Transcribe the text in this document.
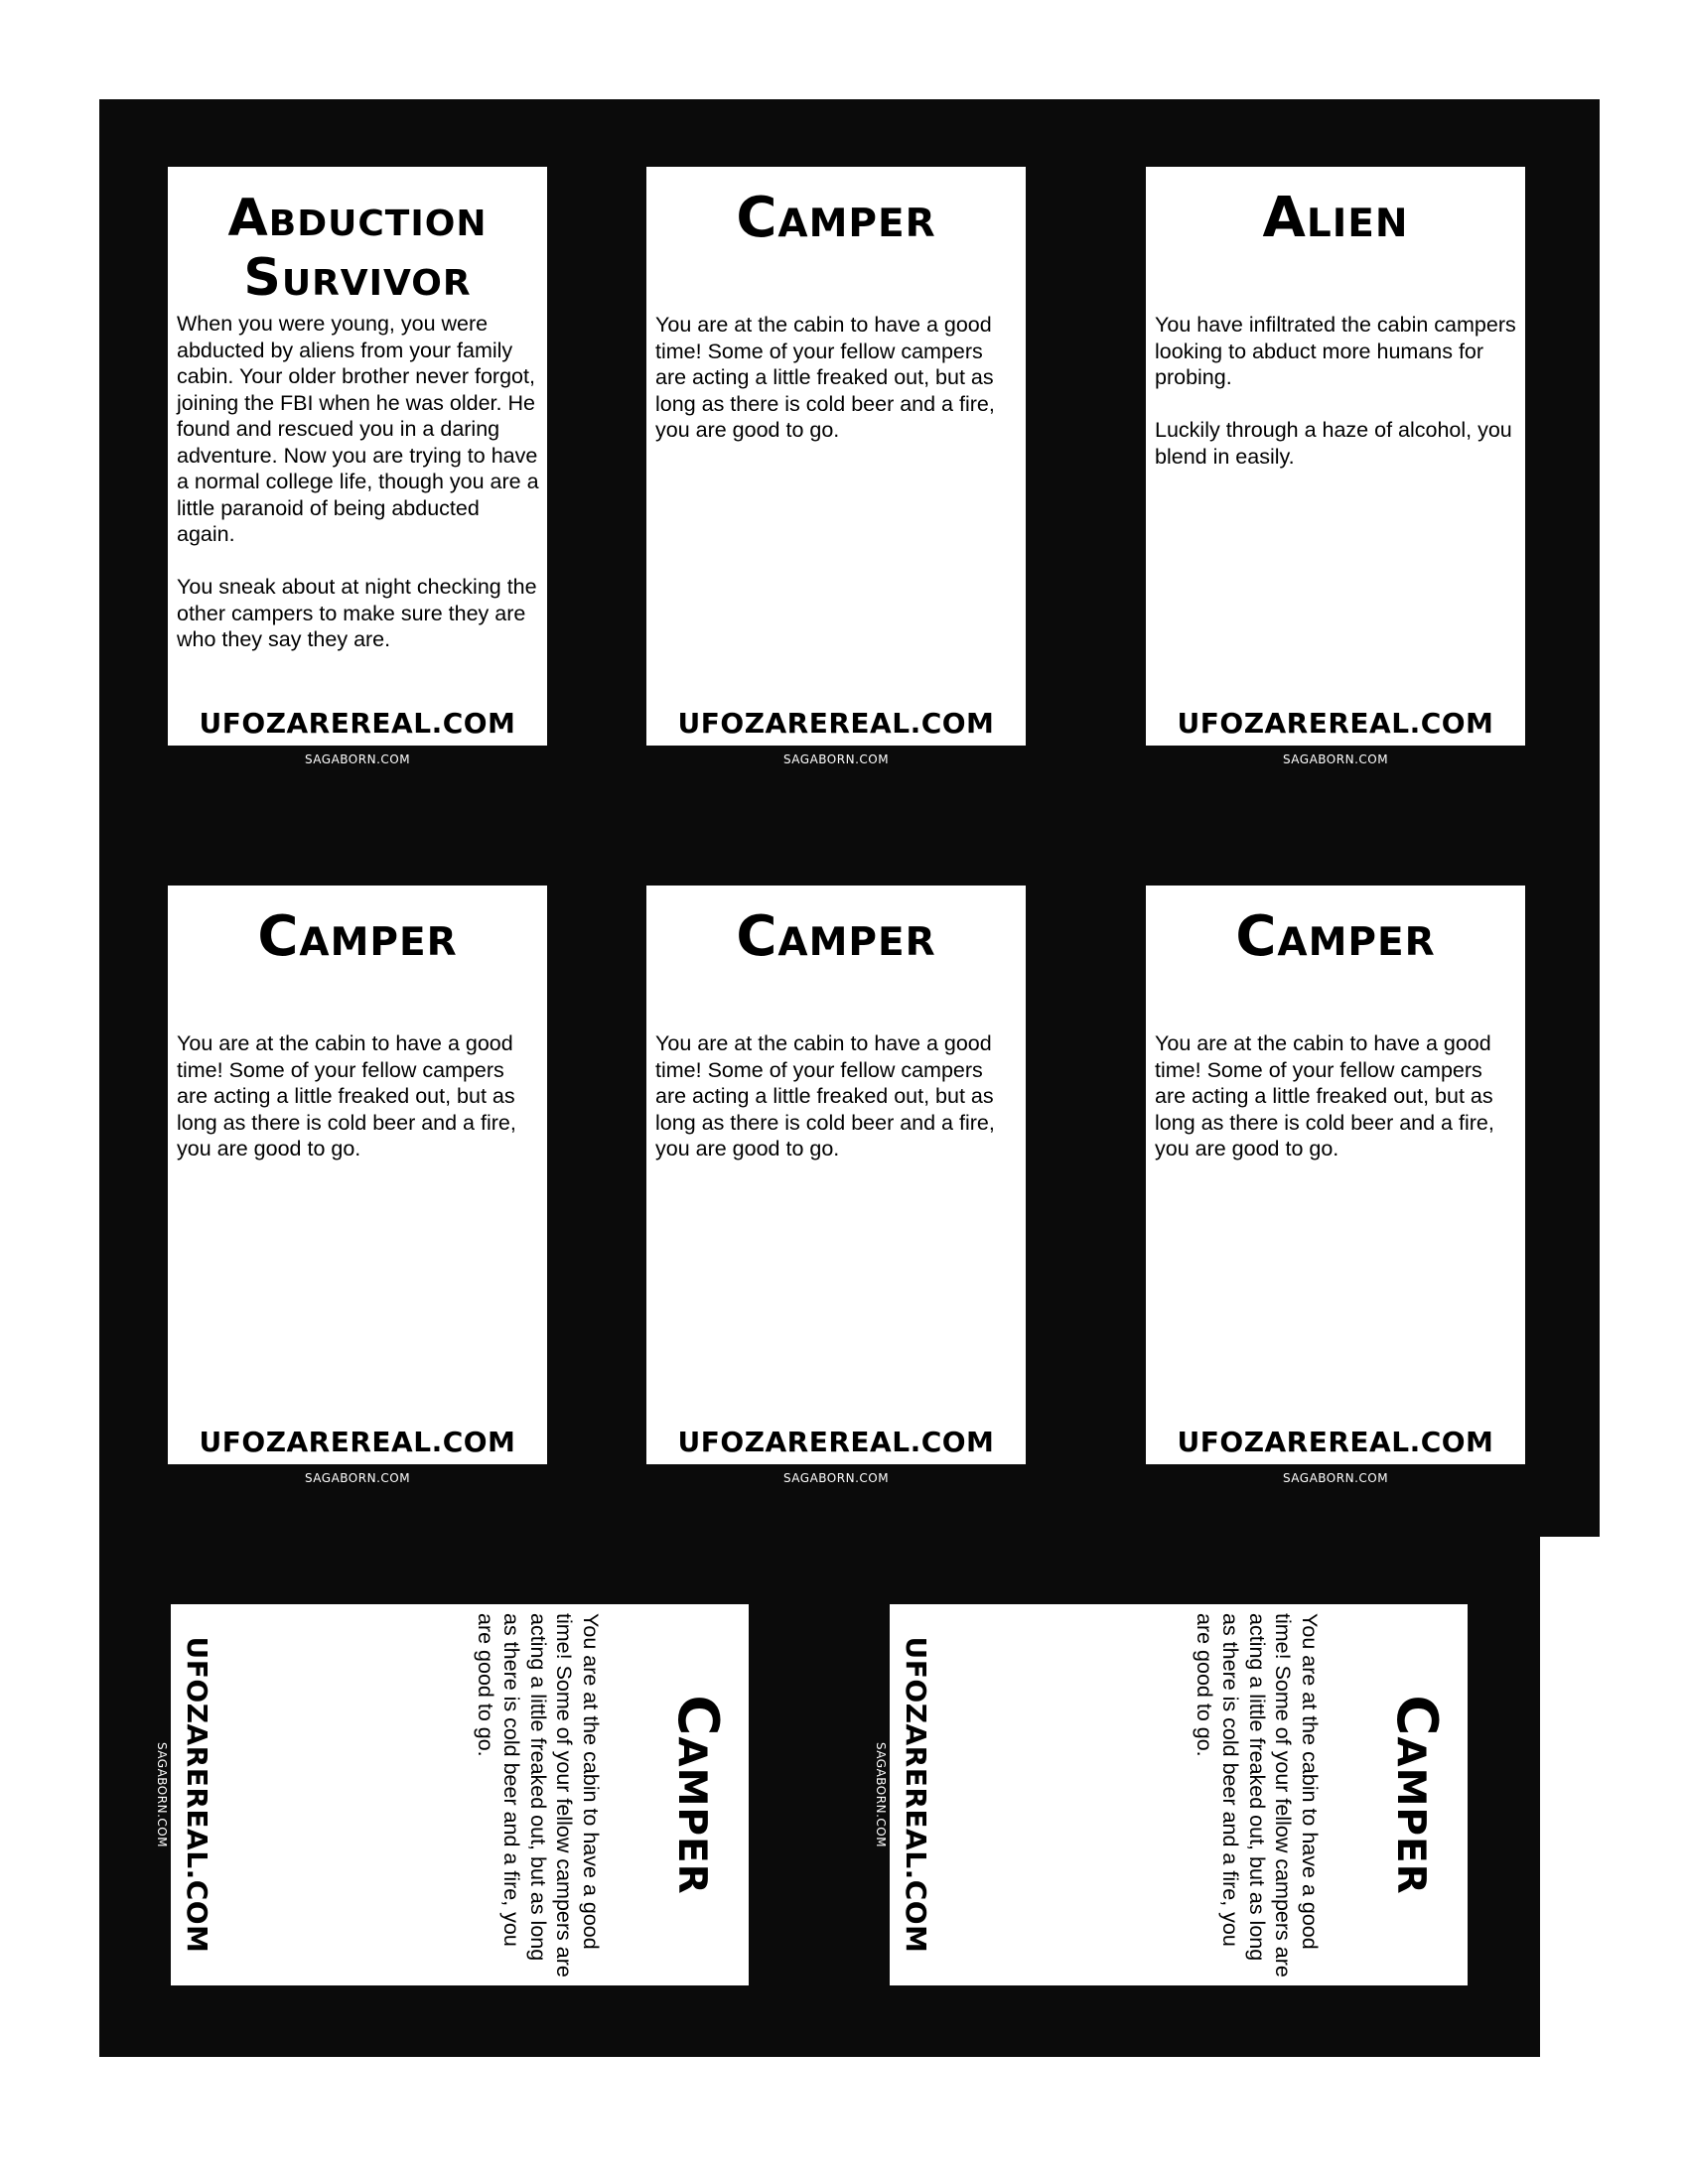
Abduction
Survivor
When you were young, you were abducted by aliens from your family cabin. Your older brother never forgot, joining the FBI when he was older. He found and rescued you in a daring adventure. Now you are trying to have a normal college life, though you are a little paranoid of being abducted again.

You sneak about at night checking the other campers to make sure they are who they say they are.
UFOZAREREAL.COM
SAGABORN.COM
Camper
You are at the cabin to have a good time! Some of your fellow campers are acting a little freaked out, but as long as there is cold beer and a fire, you are good to go.
UFOZAREREAL.COM
SAGABORN.COM
Alien
You have infiltrated the cabin campers looking to abduct more humans for probing.

Luckily through a haze of alcohol, you blend in easily.
UFOZAREREAL.COM
SAGABORN.COM
Camper
You are at the cabin to have a good time! Some of your fellow campers are acting a little freaked out, but as long as there is cold beer and a fire, you are good to go.
UFOZAREREAL.COM
SAGABORN.COM
Camper
You are at the cabin to have a good time! Some of your fellow campers are acting a little freaked out, but as long as there is cold beer and a fire, you are good to go.
UFOZAREREAL.COM
SAGABORN.COM
Camper
You are at the cabin to have a good time! Some of your fellow campers are acting a little freaked out, but as long as there is cold beer and a fire, you are good to go.
UFOZAREREAL.COM
SAGABORN.COM
Camper
You are at the cabin to have a good time! Some of your fellow campers are acting a little freaked out, but as long as there is cold beer and a fire, you are good to go.
UFOZAREREAL.COM
SAGABORN.COM	Camper
You are at the cabin to have a good time! Some of your fellow campers are acting a little freaked out, but as long as there is cold beer and a fire, you are good to go.
UFOZAREREAL.COM
SAGABORN.COM
